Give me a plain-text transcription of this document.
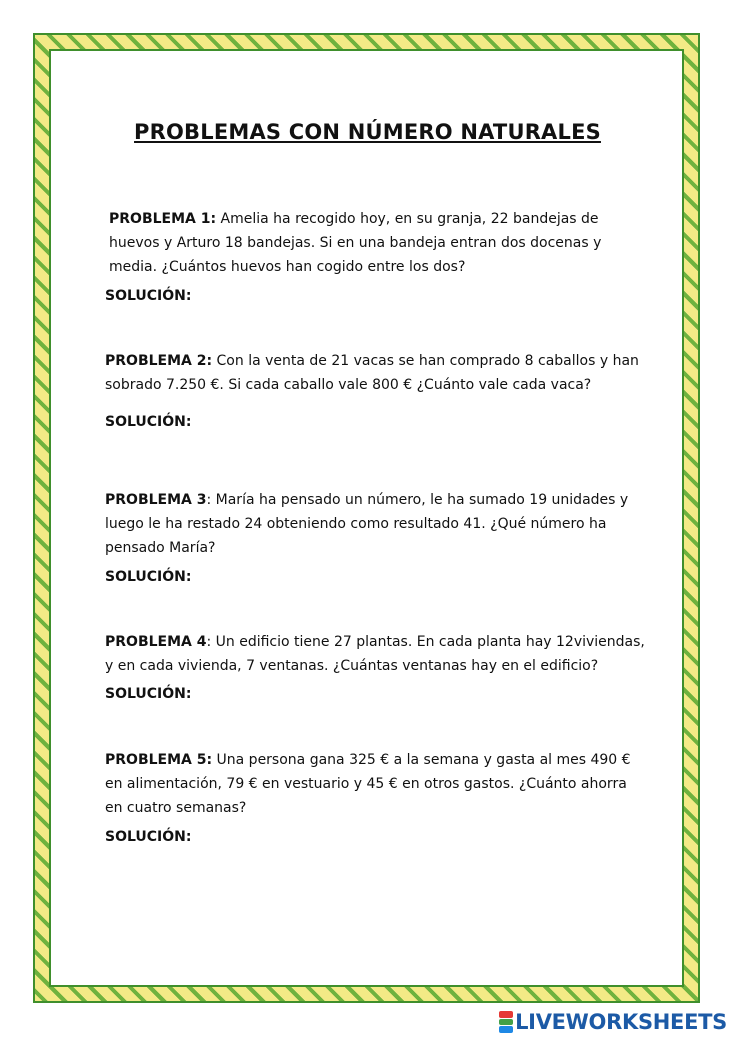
PROBLEMAS CON NÚMERO NATURALES
PROBLEMA 1: Amelia ha recogido hoy, en su granja, 22 bandejas de huevos y Arturo 18 bandejas. Si en una bandeja entran dos docenas y media. ¿Cuántos huevos han cogido entre los dos?
SOLUCIÓN:
PROBLEMA 2: Con la venta de 21 vacas se han comprado 8 caballos y han sobrado 7.250 €. Si cada caballo vale 800 € ¿Cuánto vale cada vaca?
SOLUCIÓN:
PROBLEMA 3: María ha pensado un número, le ha sumado 19 unidades y luego le ha restado 24 obteniendo como resultado 41. ¿Qué número ha pensado María?
SOLUCIÓN:
PROBLEMA 4: Un edificio tiene 27 plantas. En cada planta hay 12viviendas, y en cada vivienda, 7 ventanas. ¿Cuántas ventanas hay en el edificio?
SOLUCIÓN:
PROBLEMA 5: Una persona gana 325 € a la semana y gasta al mes 490 € en alimentación, 79 € en vestuario y 45 € en otros gastos. ¿Cuánto ahorra en cuatro semanas?
SOLUCIÓN:
LIVEWORKSHEETS
